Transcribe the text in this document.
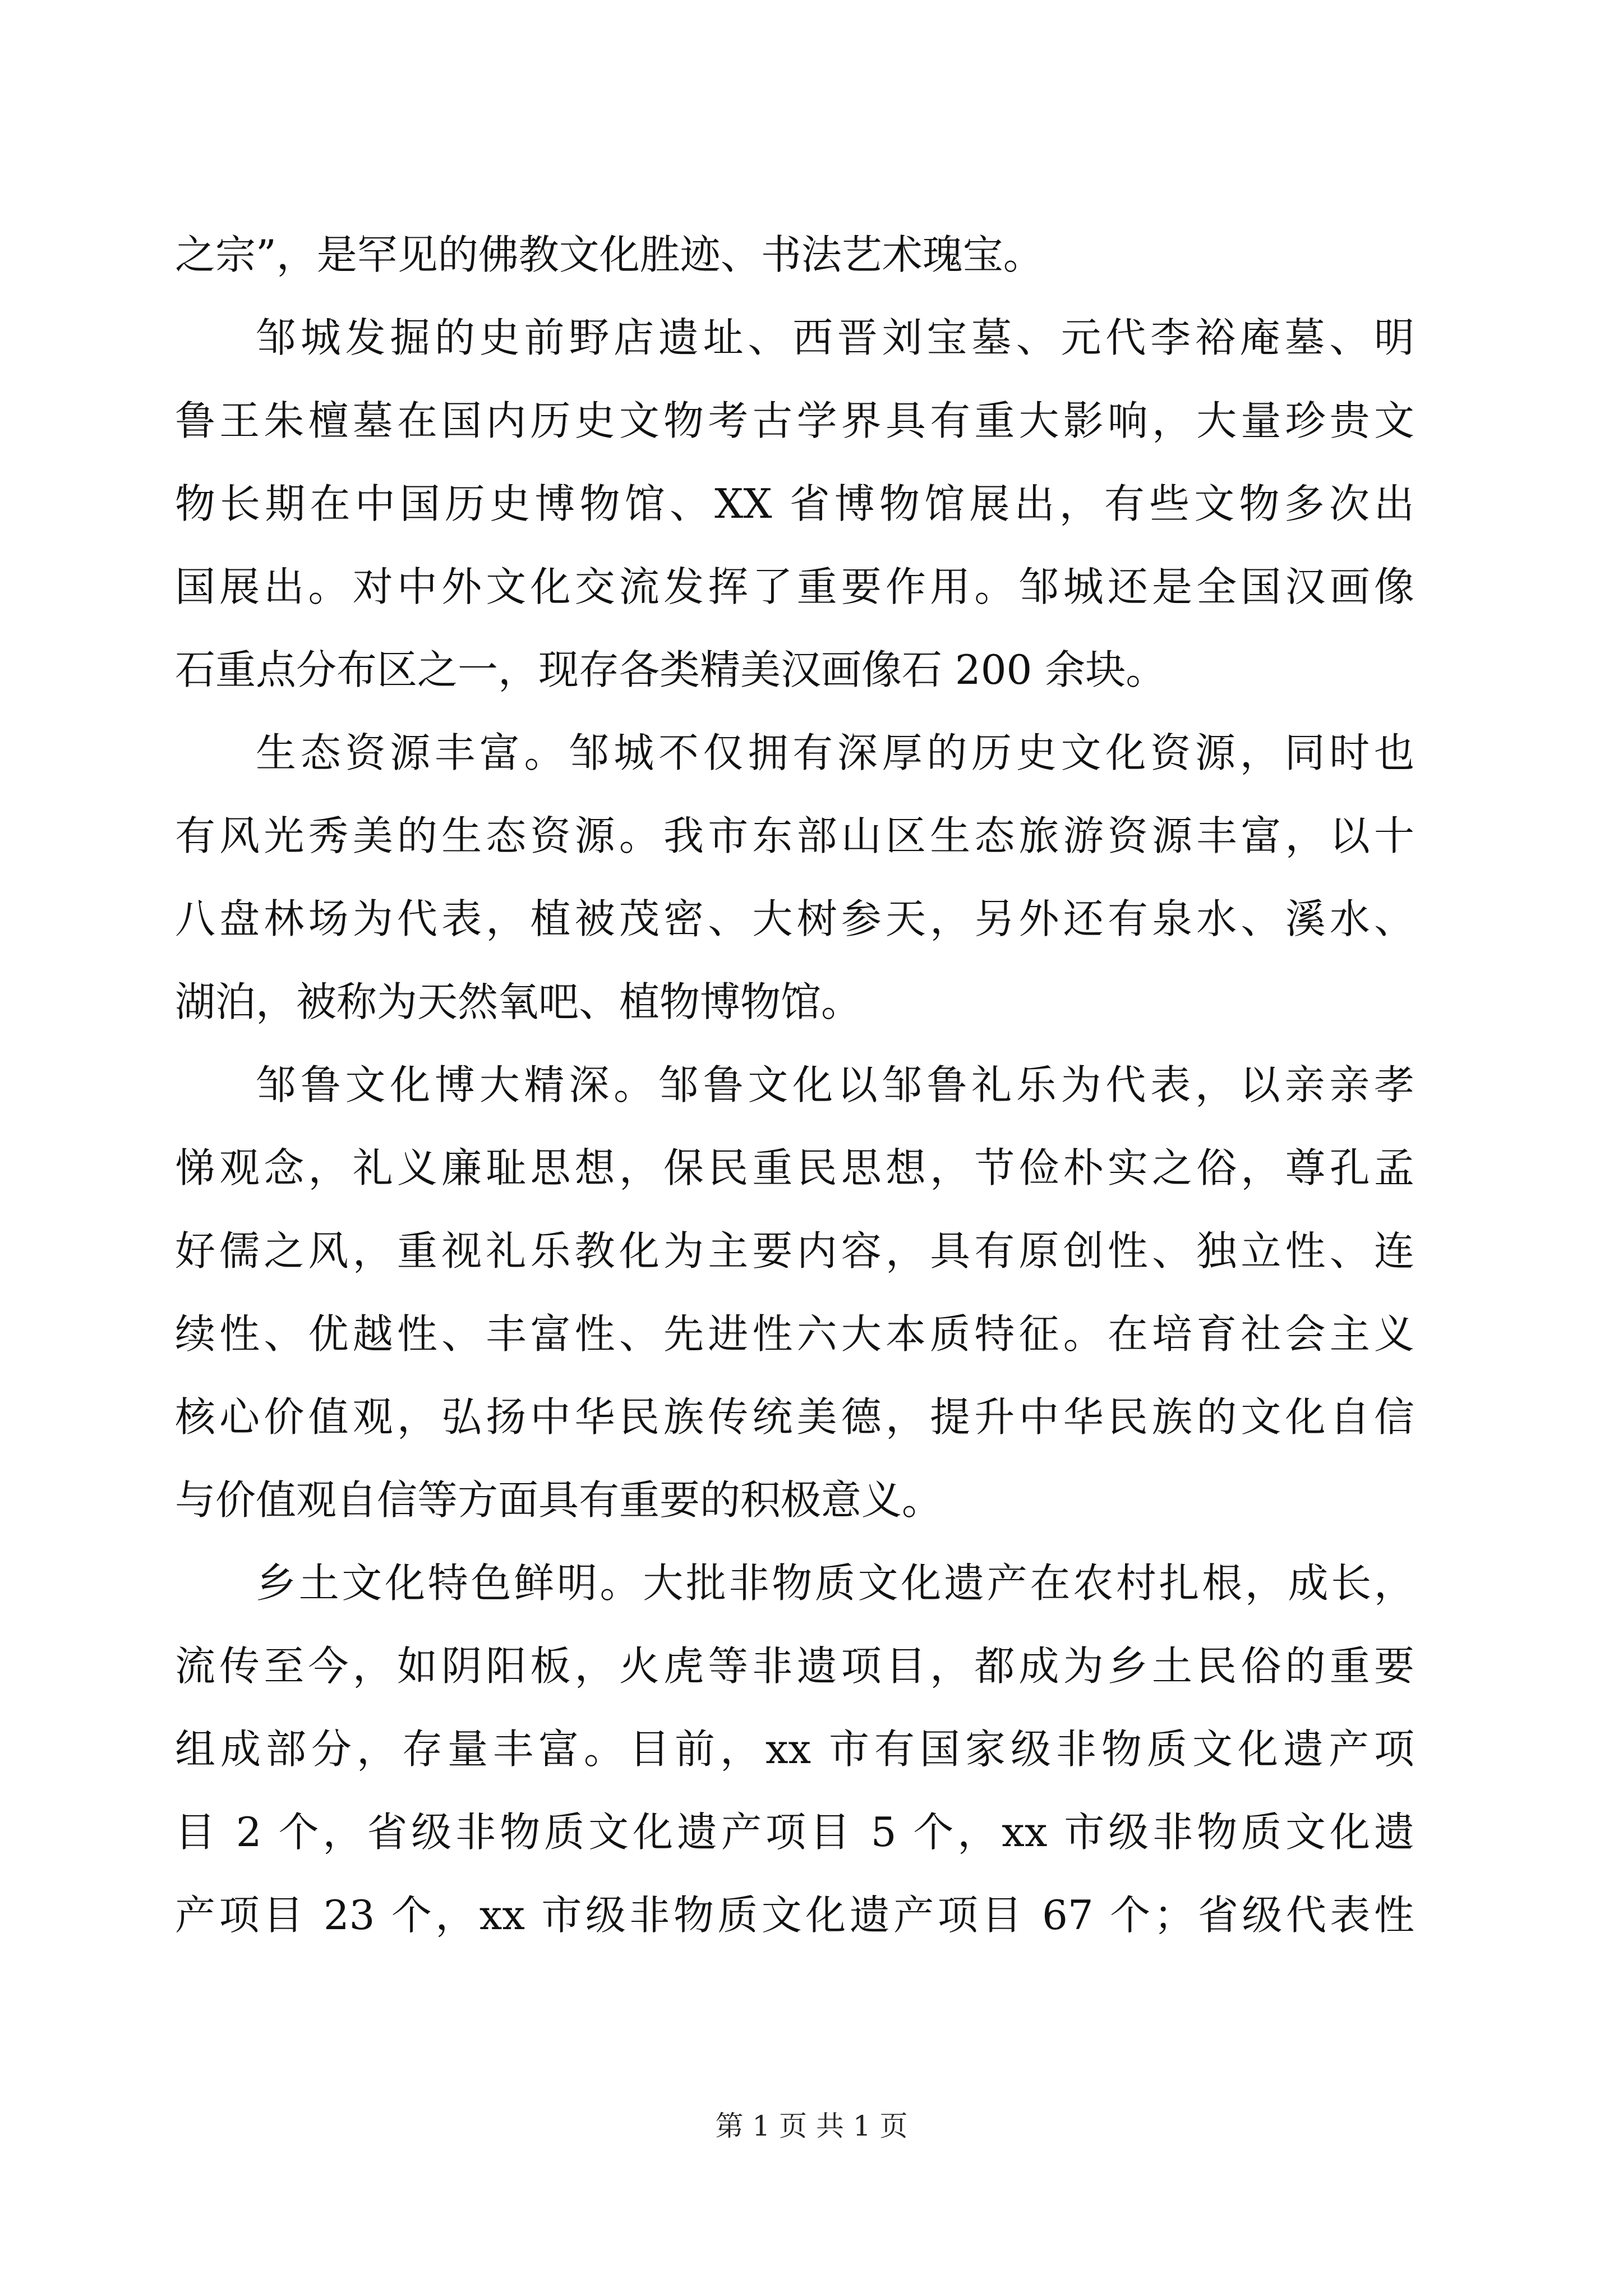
之宗”，是罕见的佛教文化胜迹、书法艺术瑰宝。
邹城发掘的史前野店遗址、西晋刘宝墓、元代李裕庵墓、明
鲁王朱檀墓在国内历史文物考古学界具有重大影响，大量珍贵文
物长期在中国历史博物馆、XX 省博物馆展出，有些文物多次出
国展出。对中外文化交流发挥了重要作用。邹城还是全国汉画像
石重点分布区之一，现存各类精美汉画像石 200 余块。
生态资源丰富。邹城不仅拥有深厚的历史文化资源，同时也
有风光秀美的生态资源。我市东部山区生态旅游资源丰富，以十
八盘林场为代表，植被茂密、大树参天，另外还有泉水、溪水、
湖泊，被称为天然氧吧、植物博物馆。
邹鲁文化博大精深。邹鲁文化以邹鲁礼乐为代表，以亲亲孝
悌观念，礼义廉耻思想，保民重民思想，节俭朴实之俗，尊孔孟
好儒之风，重视礼乐教化为主要内容，具有原创性、独立性、连
续性、优越性、丰富性、先进性六大本质特征。在培育社会主义
核心价值观，弘扬中华民族传统美德，提升中华民族的文化自信
与价值观自信等方面具有重要的积极意义。
乡土文化特色鲜明。大批非物质文化遗产在农村扎根，成长，
流传至今，如阴阳板，火虎等非遗项目，都成为乡土民俗的重要
组成部分，存量丰富。目前，xx 市有国家级非物质文化遗产项
目 2 个，省级非物质文化遗产项目 5 个，xx 市级非物质文化遗
产项目 23 个，xx 市级非物质文化遗产项目 67 个；省级代表性
第 1 页 共 1 页
